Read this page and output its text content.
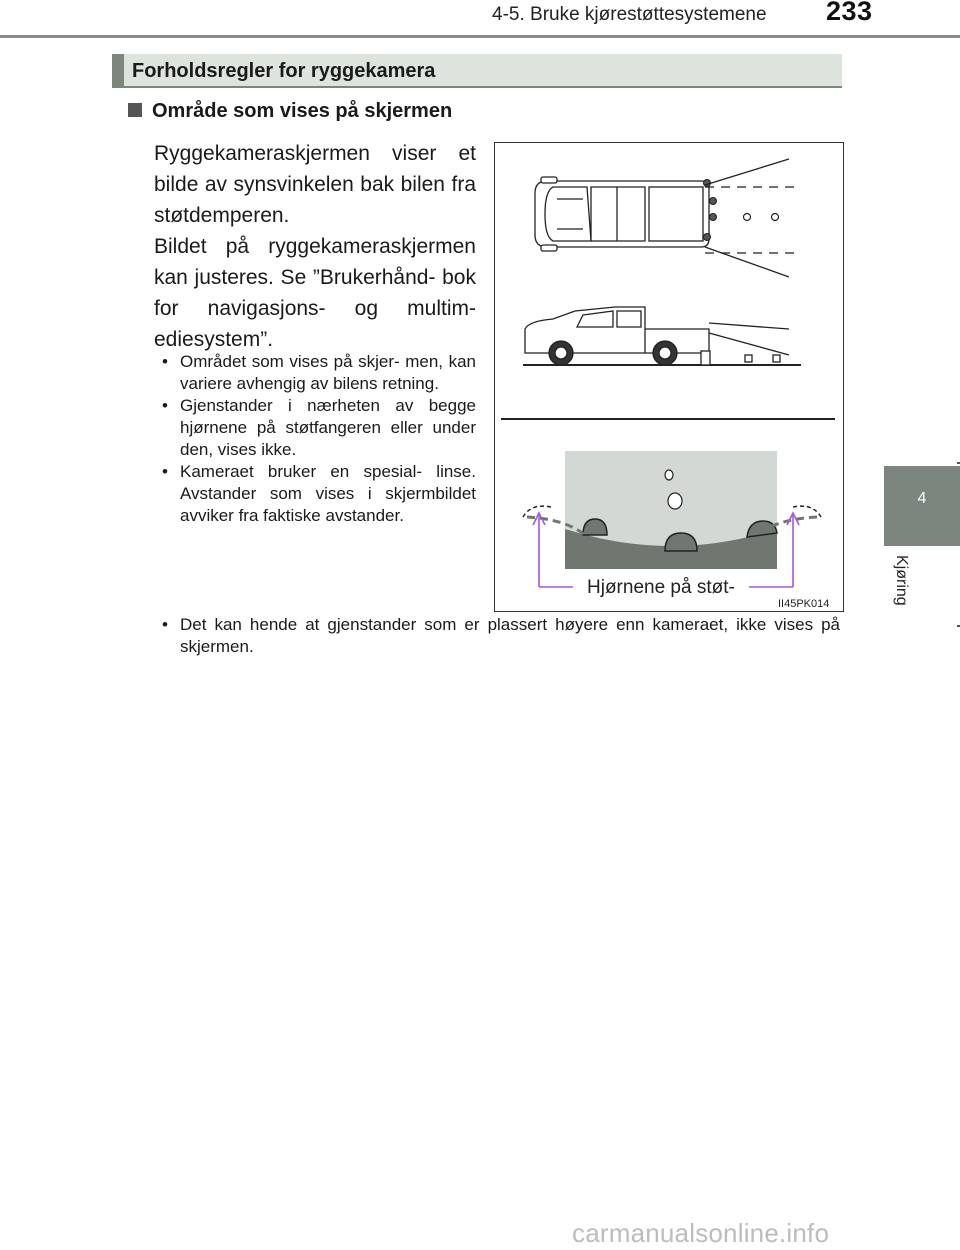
4-5. Bruke kjørestøttesystemene 233
4
Kjøring
Forholdsregler for ryggekamera
Område som vises på skjermen

Ryggekameraskjermen viser et bilde av synsvinkelen bak bilen fra støtdemperen.

Bildet på ryggekameraskjermen kan justeres. Se ”Brukerhånd- bok for navigasjons- og multim- ediesystem”.

• Området som vises på skjer- men, kan variere avhengig av bilens retning.
• Gjenstander i nærheten av begge hjørnene på støtfangeren eller under den, vises ikke.
• Kameraet bruker en spesial- linse. Avstander som vises i skjermbildet avviker fra faktiske avstander.
• Det kan hende at gjenstander som er plassert høyere enn kameraet, ikke vises på skjermen.
Hjørnene på støt-
II45PK014
carmanualsonline.info
